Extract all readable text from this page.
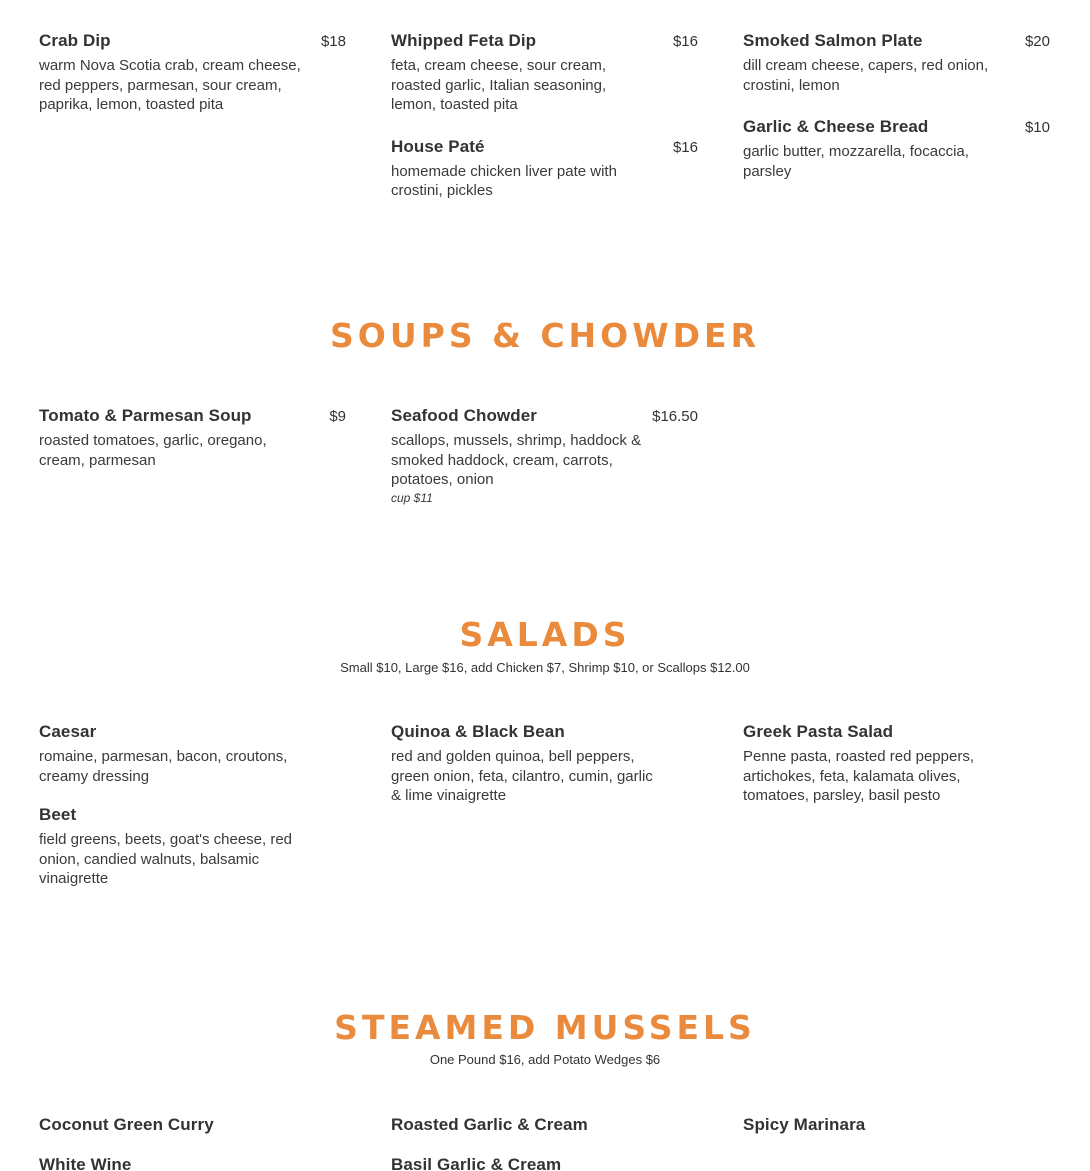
Crab Dip	$18
warm Nova Scotia crab, cream cheese, red peppers, parmesan, sour cream, paprika, lemon, toasted pita
Whipped Feta Dip	$16
feta, cream cheese, sour cream, roasted garlic, Italian seasoning, lemon, toasted pita
House Paté	$16
homemade chicken liver pate with crostini, pickles
Smoked Salmon Plate	$20
dill cream cheese, capers, red onion, crostini, lemon
Garlic & Cheese Bread	$10
garlic butter, mozzarella, focaccia, parsley
SOUPS & CHOWDER
Tomato & Parmesan Soup	$9
roasted tomatoes, garlic, oregano, cream, parmesan
Seafood Chowder	$16.50
scallops, mussels, shrimp, haddock & smoked haddock, cream, carrots, potatoes, onion
cup $11
SALADS
Small $10, Large $16, add Chicken $7, Shrimp $10, or Scallops $12.00
Caesar
romaine, parmesan, bacon, croutons, creamy dressing
Beet
field greens, beets, goat's cheese, red onion, candied walnuts, balsamic vinaigrette
Quinoa & Black Bean
red and golden quinoa, bell peppers, green onion, feta, cilantro, cumin, garlic & lime vinaigrette
Greek Pasta Salad
Penne pasta, roasted red peppers, artichokes, feta, kalamata olives, tomatoes, parsley, basil pesto
STEAMED MUSSELS
One Pound $16, add Potato Wedges $6
Coconut Green Curry
White Wine
Roasted Garlic & Cream
Basil Garlic & Cream
Spicy Marinara
